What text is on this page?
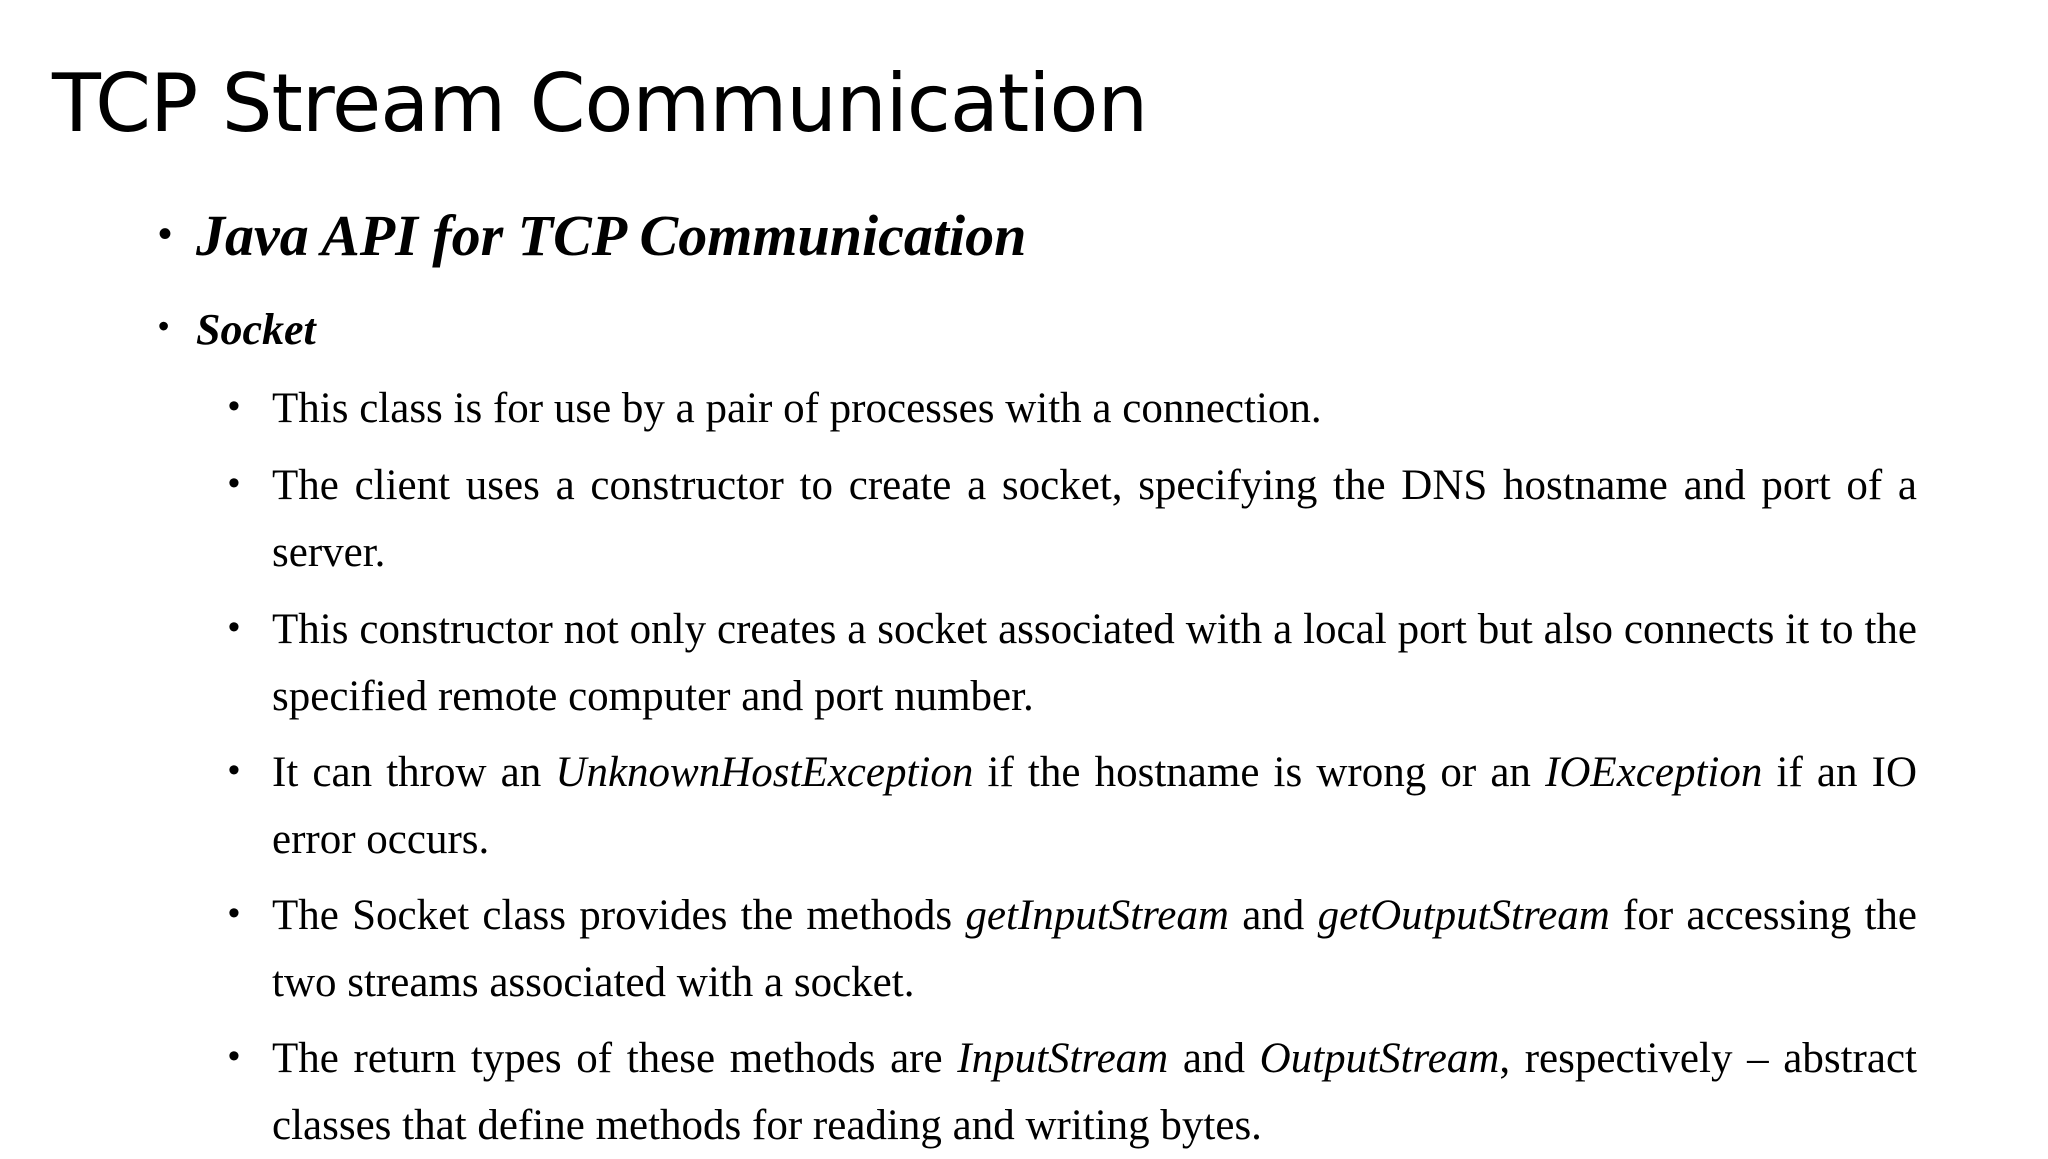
TCP Stream Communication
• Java API for TCP Communication
• Socket
• This class is for use by a pair of processes with a connection.
• The client uses a constructor to create a socket, specifying the DNS hostname and port of a server.
• This constructor not only creates a socket associated with a local port but also connects it to the specified remote computer and port number.
• It can throw an UnknownHostException if the hostname is wrong or an IOException if an IO error occurs.
• The Socket class provides the methods getInputStream and getOutputStream for accessing the two streams associated with a socket.
• The return types of these methods are InputStream and OutputStream, respectively – abstract classes that define methods for reading and writing bytes.
